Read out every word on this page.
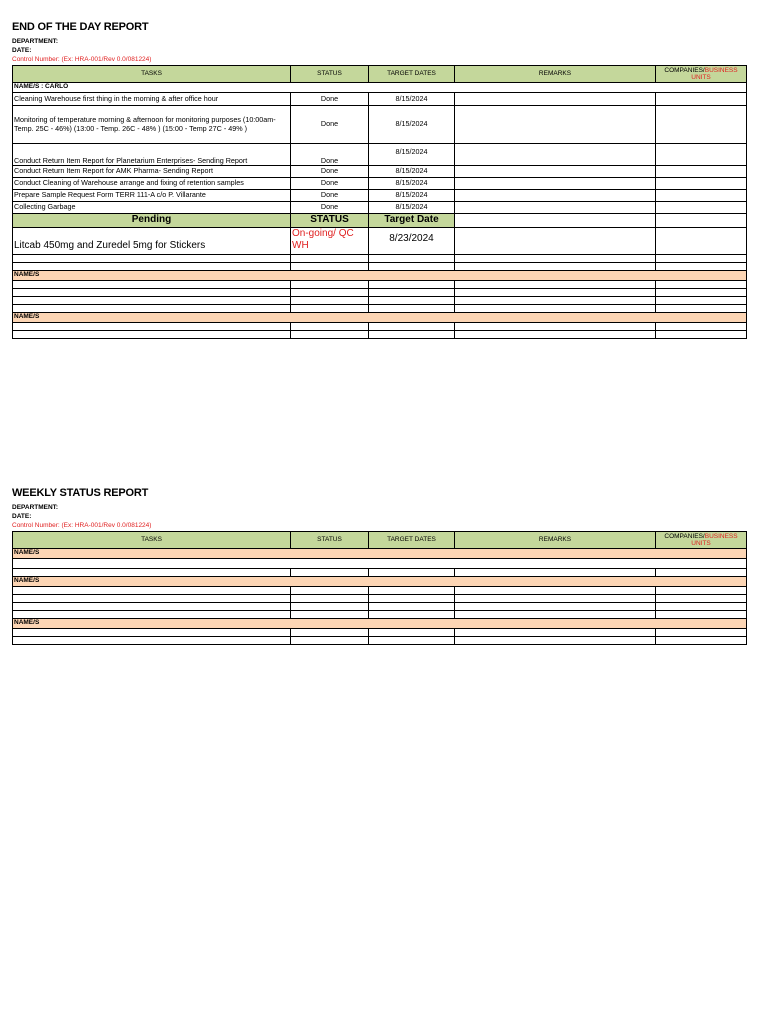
END OF THE DAY REPORT
DEPARTMENT:
DATE:
Control Number: (Ex: HRA-001/Rev 0.0/081224)
TASKS	STATUS	TARGET DATES	REMARKS	COMPANIES/BUSINESS
UNITS
NAME/S : CARLO				
Cleaning Warehouse first thing in the morning & after office hour	Done	8/15/2024		
Monitoring of temperature morning & afternoon for monitoring purposes (10:00am- Temp. 25C - 46%) (13:00 - Temp. 26C - 48% ) (15:00 - Temp 27C - 49% )	Done	8/15/2024		
Conduct Return Item Report for Planetarium Enterprises- Sending Report	Done	8/15/2024		
Conduct Return Item Report for AMK Pharma- Sending Report	Done	8/15/2024		
Conduct Cleaning of Warehouse arrange and fixing of retention samples	Done	8/15/2024		
Prepare Sample Request Form TERR 111-A c/o P. Villarante	Done	8/15/2024		
Collecting Garbage	Done	8/15/2024		
Pending	STATUS	Target Date		
Litcab 450mg and Zuredel 5mg for Stickers	On-going/ QC WH	8/23/2024		

NAME/S				

NAME/S				

WEEKLY STATUS REPORT
DEPARTMENT:
DATE:
Control Number: (Ex: HRA-001/Rev 0.0/081224)
TASKS	STATUS	TARGET DATES	REMARKS	COMPANIES/BUSINESS
UNITS
NAME/S				

NAME/S				

NAME/S				
